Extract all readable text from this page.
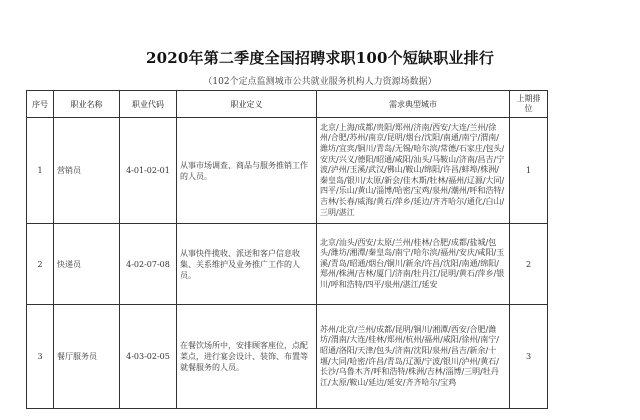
2020年第二季度全国招聘求职100个短缺职业排行
（102个定点监测城市公共就业服务机构人力资源场数据）
序号	职业名称	职业代码	职业定义	需求典型城市	上期排位
1	营销员	4-01-02-01	从事市场调查、商品与服务推销工作的人员。	北京/上海/成都/贵阳/郑州/济南/西安/大连/兰州/徐州/合肥/苏州/南京/昆明/烟台/沈阳/南通/南宁/渭南/潍坊/宜宾/铜川/青岛/无锡/哈尔滨/常德/石家庄/包头/安庆/兴义/德阳/昭通/咸阳/汕头/马鞍山/济南/昌吉/宁波/泸州/玉溪/武汉/佛山/鞍山/绵阳/许昌/蚌埠/株洲/秦皇岛/银川/太原/新会/佳木斯/牡林/福州/辽源/大同/四平/乐山/黄山/淄博/哈密/宝鸡/泉州/潮州/呼和浩特/吉林/长春/威海/黄石/萍乡/延边/齐齐哈尔/通化/白山/三明/湛江	1
2	快递员	4-02-07-08	从事快件揽收、派送和客户信息收集、关系维护及业务推广工作的人员。	北京/汕头/西安/太原/兰州/桂林/合肥/成都/盐城/包头/潍坊/湘潭/秦皇岛/南宁/哈尔滨/福州/安庆/咸阳/玉溪/青岛/昭通/烟台/铜川/新余/许昌/沈阳/南通/绵阳/郑州/株洲/吉林/厦门/济南/牡丹江/昆明/黄石/萍乡/银川/呼和浩特/四平/泉州/湛江/延安	2
3	餐厅服务员	4-03-02-05	在餐饮场所中，安排顾客座位，点配菜点，进行宴会设计、装饰、布置等就餐服务的人员。	苏州/北京/兰州/成都/昆明/铜川/湘潭/西安/合肥/潍坊/渭南/大连/桂林/郑州/杭州/福州/咸阳/徐州/南宁/昭通/洛阳/天津/包头/济南/沈阳/泉州/昌吉/新余/十堰/大同/哈密/许昌/青岛/辽源/宁波/银川/泸州/黄石/长沙/乌鲁木齐/呼和浩特/株洲/吉林/淄博/三明/牡丹江/太原/鞍山/延边/延安/齐齐哈尔/宝鸡	3
